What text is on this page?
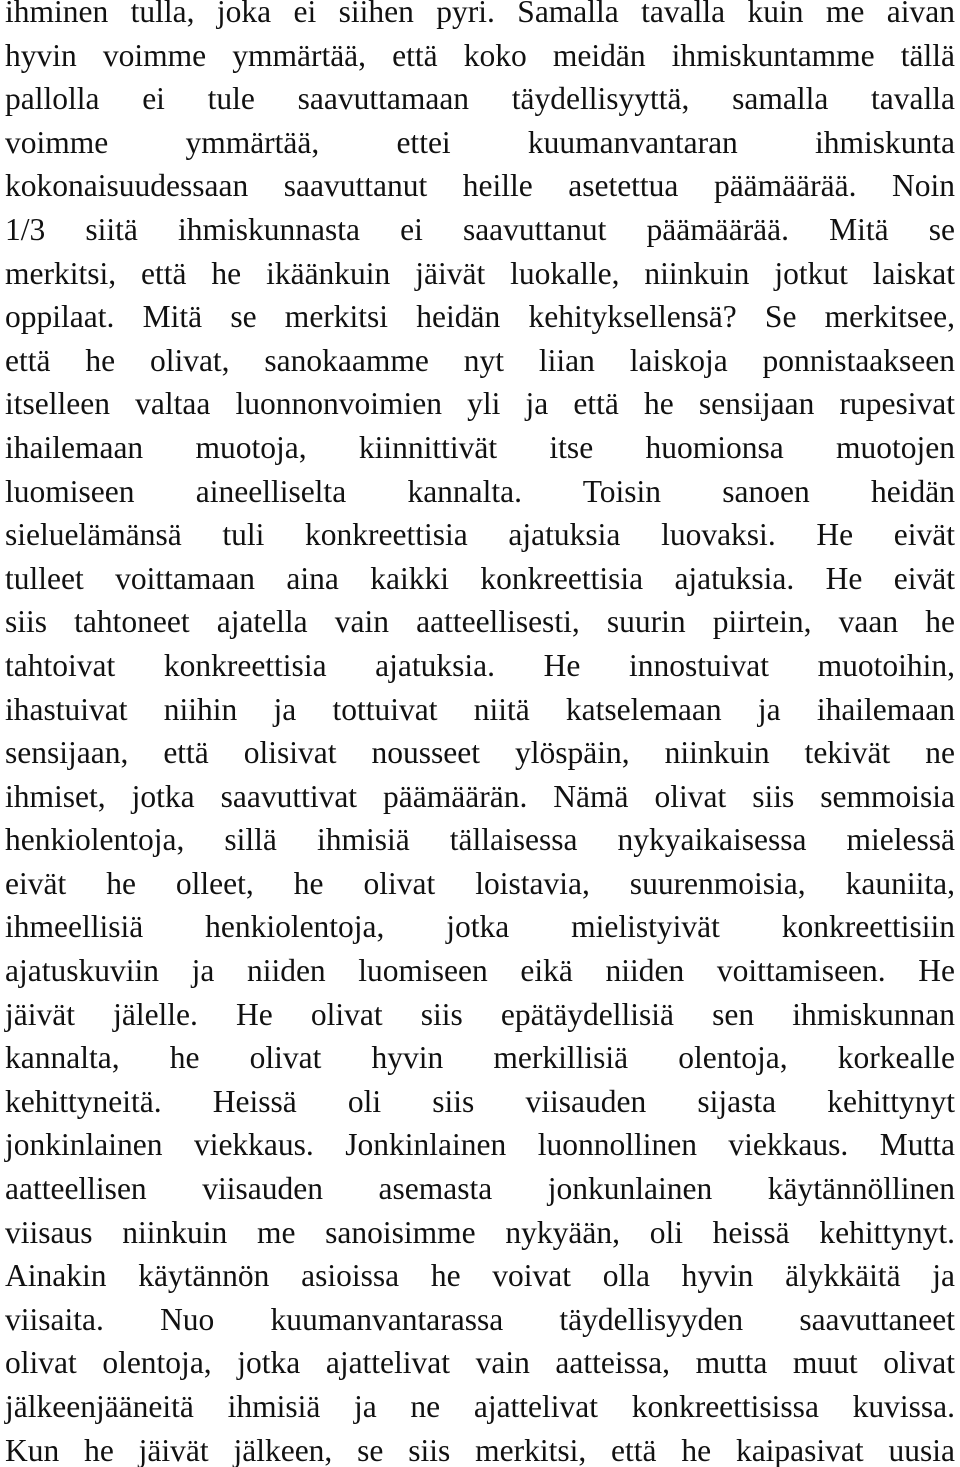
ihminen tulla, joka ei siihen pyri. Samalla tavalla kuin me aivan
hyvin voimme ymmärtää, että koko meidän ihmiskuntamme tällä
pallolla ei tule saavuttamaan täydellisyyttä, samalla tavalla
voimme ymmärtää, ettei kuumanvantaran ihmiskunta
kokonaisuudessaan saavuttanut heille asetettua päämäärää. Noin
1/3 siitä ihmiskunnasta ei saavuttanut päämäärää. Mitä se
merkitsi, että he ikäänkuin jäivät luokalle, niinkuin jotkut laiskat
oppilaat. Mitä se merkitsi heidän kehityksellensä? Se merkitsee,
että he olivat, sanokaamme nyt liian laiskoja ponnistaakseen
itselleen valtaa luonnonvoimien yli ja että he sensijaan rupesivat
ihailemaan muotoja, kiinnittivät itse huomionsa muotojen
luomiseen aineelliselta kannalta. Toisin sanoen heidän
sieluelämänsä tuli konkreettisia ajatuksia luovaksi. He eivät
tulleet voittamaan aina kaikki konkreettisia ajatuksia. He eivät
siis tahtoneet ajatella vain aatteellisesti, suurin piirtein, vaan he
tahtoivat konkreettisia ajatuksia. He innostuivat muotoihin,
ihastuivat niihin ja tottuivat niitä katselemaan ja ihailemaan
sensijaan, että olisivat nousseet ylöspäin, niinkuin tekivät ne
ihmiset, jotka saavuttivat päämäärän. Nämä olivat siis semmoisia
henkiolentoja, sillä ihmisiä tällaisessa nykyaikaisessa mielessä
eivät he olleet, he olivat loistavia, suurenmoisia, kauniita,
ihmeellisiä henkiolentoja, jotka mielistyivät konkreettisiin
ajatuskuviin ja niiden luomiseen eikä niiden voittamiseen. He
jäivät jälelle. He olivat siis epätäydellisiä sen ihmiskunnan
kannalta, he olivat hyvin merkillisiä olentoja, korkealle
kehittyneitä. Heissä oli siis viisauden sijasta kehittynyt
jonkinlainen viekkaus. Jonkinlainen luonnollinen viekkaus. Mutta
aatteellisen viisauden asemasta jonkunlainen käytännöllinen
viisaus niinkuin me sanoisimme nykyään, oli heissä kehittynyt.
Ainakin käytännön asioissa he voivat olla hyvin älykkäitä ja
viisaita. Nuo kuumanvantarassa täydellisyyden saavuttaneet
olivat olentoja, jotka ajattelivat vain aatteissa, mutta muut olivat
jälkeenjääneitä ihmisiä ja ne ajattelivat konkreettisissa kuvissa.
Kun he jäivät jälkeen, se siis merkitsi, että he kaipasivat uusia
